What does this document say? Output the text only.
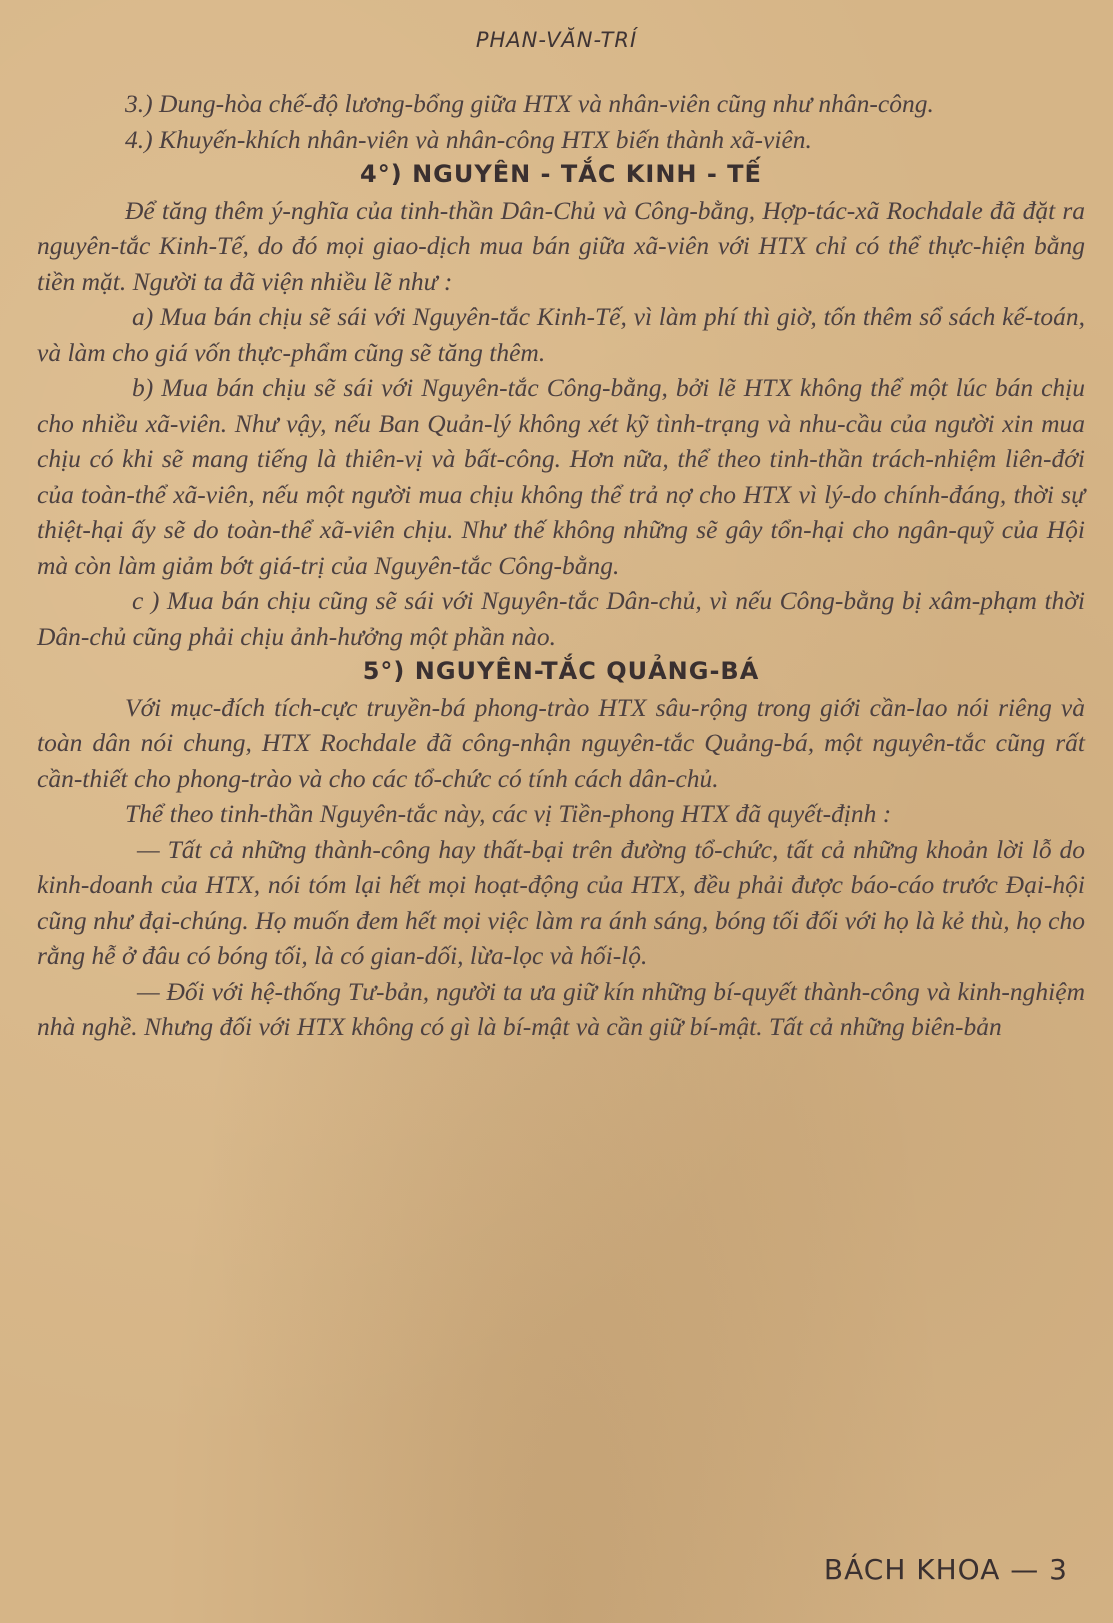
PHAN-VĂN-TRÍ

3.) Dung-hòa chế-độ lương-bổng giữa HTX và nhân-viên cũng như nhân-công.

4.) Khuyến-khích nhân-viên và nhân-công HTX biến thành xã-viên.

4°) NGUYÊN - TẮC KINH - TẾ

Để tăng thêm ý-nghĩa của tinh-thần Dân-Chủ và Công-bằng, Hợp-tác-xã Rochdale đã đặt ra nguyên-tắc Kinh-Tế, do đó mọi giao-dịch mua bán giữa xã-viên với HTX chỉ có thể thực-hiện bằng tiền mặt. Người ta đã viện nhiều lẽ như :

a) Mua bán chịu sẽ sái với Nguyên-tắc Kinh-Tế, vì làm phí thì giờ, tốn thêm sổ sách kế-toán, và làm cho giá vốn thực-phẩm cũng sẽ tăng thêm.

b) Mua bán chịu sẽ sái với Nguyên-tắc Công-bằng, bởi lẽ HTX không thể một lúc bán chịu cho nhiều xã-viên. Như vậy, nếu Ban Quản-lý không xét kỹ tình-trạng và nhu-cầu của người xin mua chịu có khi sẽ mang tiếng là thiên-vị và bất-công. Hơn nữa, thể theo tinh-thần trách-nhiệm liên-đới của toàn-thể xã-viên, nếu một người mua chịu không thể trả nợ cho HTX vì lý-do chính-đáng, thời sự thiệt-hại ấy sẽ do toàn-thể xã-viên chịu. Như thế không những sẽ gây tổn-hại cho ngân-quỹ của Hội mà còn làm giảm bớt giá-trị của Nguyên-tắc Công-bằng.

c ) Mua bán chịu cũng sẽ sái với Nguyên-tắc Dân-chủ, vì nếu Công-bằng bị xâm-phạm thời Dân-chủ cũng phải chịu ảnh-hưởng một phần nào.

5°) NGUYÊN-TẮC QUẢNG-BÁ

Với mục-đích tích-cực truyền-bá phong-trào HTX sâu-rộng trong giới cần-lao nói riêng và toàn dân nói chung, HTX Rochdale đã công-nhận nguyên-tắc Quảng-bá, một nguyên-tắc cũng rất cần-thiết cho phong-trào và cho các tổ-chức có tính cách dân-chủ.

Thể theo tinh-thần Nguyên-tắc này, các vị Tiền-phong HTX đã quyết-định :

— Tất cả những thành-công hay thất-bại trên đường tổ-chức, tất cả những khoản lời lỗ do kinh-doanh của HTX, nói tóm lại hết mọi hoạt-động của HTX, đều phải được báo-cáo trước Đại-hội cũng như đại-chúng. Họ muốn đem hết mọi việc làm ra ánh sáng, bóng tối đối với họ là kẻ thù, họ cho rằng hễ ở đâu có bóng tối, là có gian-dối, lừa-lọc và hối-lộ.

— Đối với hệ-thống Tư-bản, người ta ưa giữ kín những bí-quyết thành-công và kinh-nghiệm nhà nghề. Nhưng đối với HTX không có gì là bí-mật và cần giữ bí-mật. Tất cả những biên-bản

BÁCH KHOA — 3
